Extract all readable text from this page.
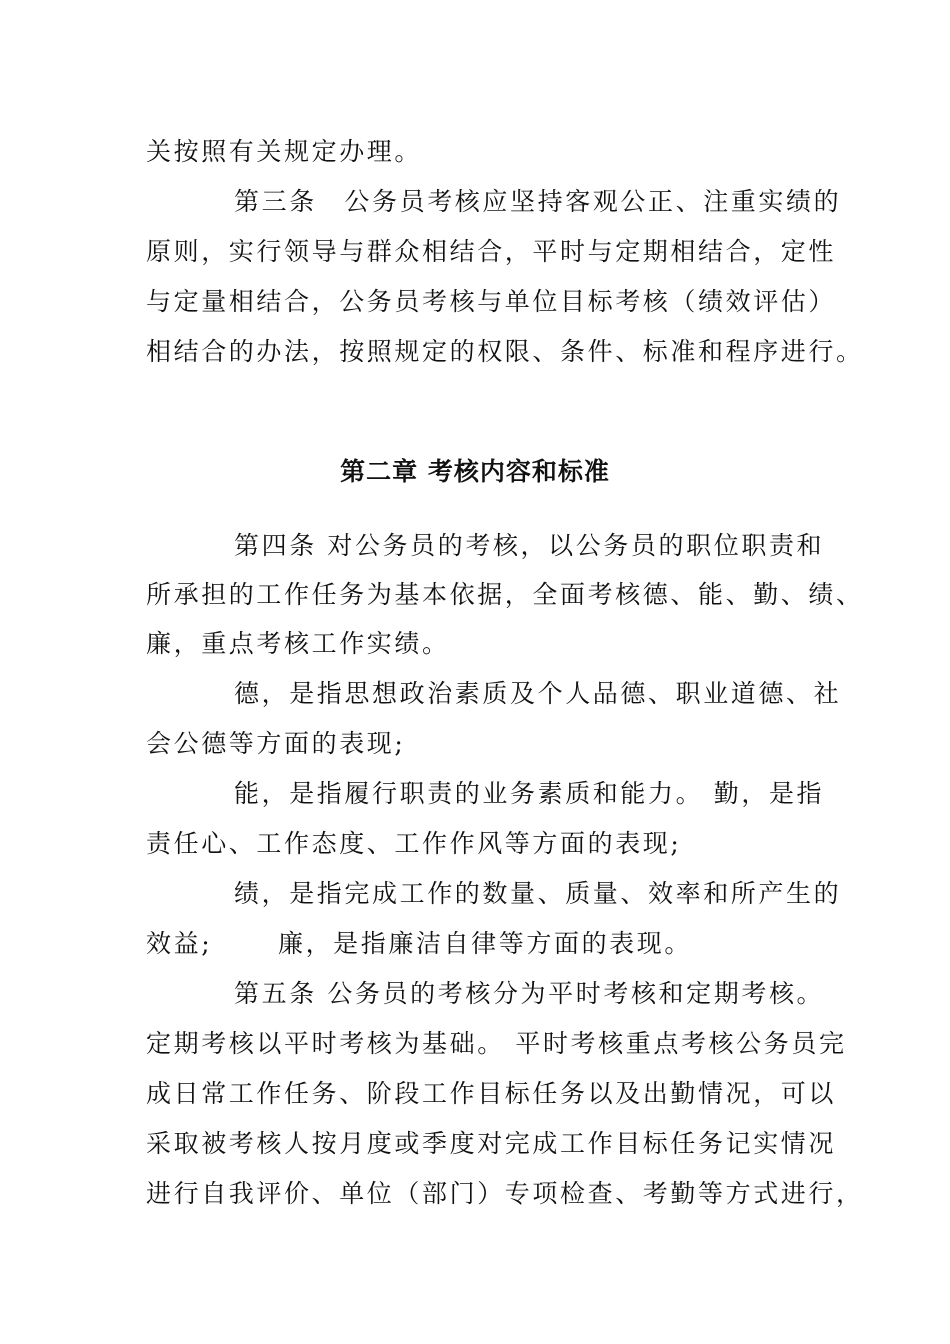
关按照有关规定办理。
第三条　公务员考核应坚持客观公正、注重实绩的
原则，实行领导与群众相结合，平时与定期相结合，定性
与定量相结合，公务员考核与单位目标考核（绩效评估）
相结合的办法，按照规定的权限、条件、标准和程序进行。
第二章 考核内容和标准
第四条 对公务员的考核，以公务员的职位职责和
所承担的工作任务为基本依据，全面考核德、能、勤、绩、
廉，重点考核工作实绩。
德，是指思想政治素质及个人品德、职业道德、社
会公德等方面的表现;
能，是指履行职责的业务素质和能力。 勤，是指
责任心、工作态度、工作作风等方面的表现;
绩，是指完成工作的数量、质量、效率和所产生的
效益;　　 廉，是指廉洁自律等方面的表现。
第五条 公务员的考核分为平时考核和定期考核。
定期考核以平时考核为基础。 平时考核重点考核公务员完
成日常工作任务、阶段工作目标任务以及出勤情况，可以
采取被考核人按月度或季度对完成工作目标任务记实情况
进行自我评价、单位（部门）专项检查、考勤等方式进行，
